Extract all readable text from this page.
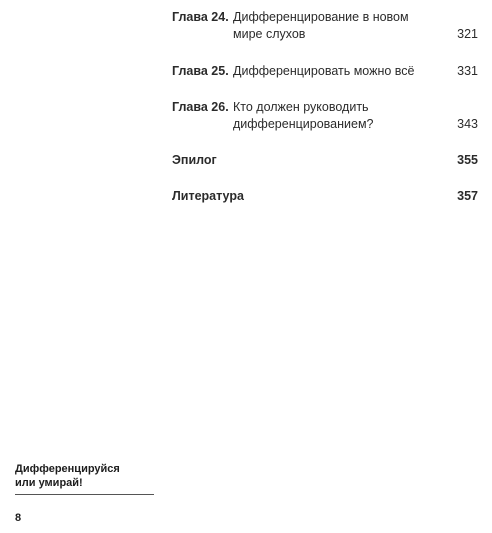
Глава 24. Дифференцирование в новом мире слухов	321
Глава 25. Дифференцировать можно всё	331
Глава 26. Кто должен руководить дифференцированием?	343
Эпилог	355
Литература	357
Дифференцируйся
или умирай!
8
